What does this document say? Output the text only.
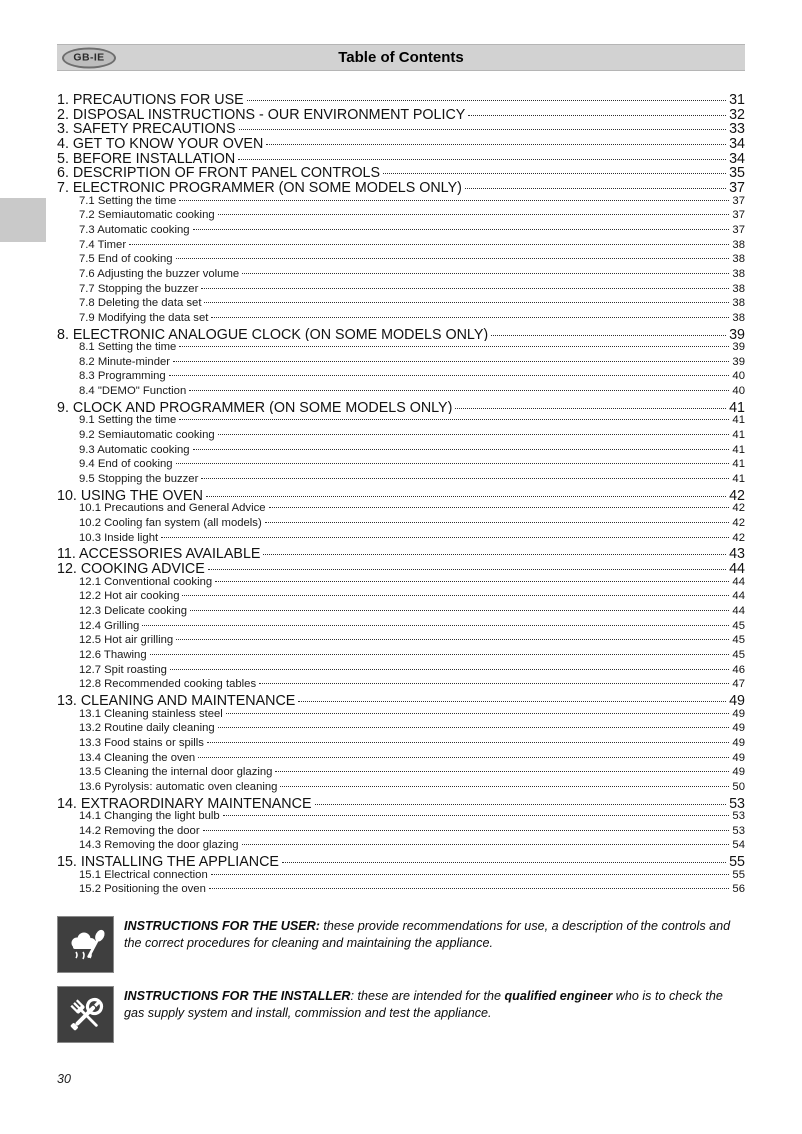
GB-IE	Table of Contents
1. PRECAUTIONS FOR USE	31
2. DISPOSAL INSTRUCTIONS - OUR ENVIRONMENT POLICY	32
3. SAFETY PRECAUTIONS	33
4. GET TO KNOW YOUR OVEN	34
5. BEFORE INSTALLATION	34
6. DESCRIPTION OF FRONT PANEL CONTROLS	35
7. ELECTRONIC PROGRAMMER (ON SOME MODELS ONLY)	37
7.1 Setting the time	37
7.2 Semiautomatic cooking	37
7.3 Automatic cooking	37
7.4 Timer	38
7.5 End of cooking	38
7.6 Adjusting the buzzer volume	38
7.7 Stopping the buzzer	38
7.8 Deleting the data set	38
7.9 Modifying the data set	38
8. ELECTRONIC ANALOGUE CLOCK (ON SOME MODELS ONLY)	39
8.1 Setting the time	39
8.2 Minute-minder	39
8.3 Programming	40
8.4 "DEMO" Function	40
9. CLOCK AND PROGRAMMER (ON SOME MODELS ONLY)	41
9.1 Setting the time	41
9.2 Semiautomatic cooking	41
9.3 Automatic cooking	41
9.4 End of cooking	41
9.5 Stopping the buzzer	41
10. USING THE OVEN	42
10.1 Precautions and General Advice	42
10.2 Cooling fan system (all models)	42
10.3 Inside light	42
11. ACCESSORIES AVAILABLE	43
12. COOKING ADVICE	44
12.1 Conventional cooking	44
12.2 Hot air cooking	44
12.3 Delicate cooking	44
12.4 Grilling	45
12.5 Hot air grilling	45
12.6 Thawing	45
12.7 Spit roasting	46
12.8 Recommended cooking tables	47
13. CLEANING AND MAINTENANCE	49
13.1 Cleaning stainless steel	49
13.2 Routine daily cleaning	49
13.3 Food stains or spills	49
13.4 Cleaning the oven	49
13.5 Cleaning the internal door glazing	49
13.6 Pyrolysis: automatic oven cleaning	50
14. EXTRAORDINARY MAINTENANCE	53
14.1 Changing the light bulb	53
14.2 Removing the door	53
14.3 Removing the door glazing	54
15. INSTALLING THE APPLIANCE	55
15.1 Electrical connection	55
15.2 Positioning the oven	56
INSTRUCTIONS FOR THE USER: these provide recommendations for use, a description of the controls and the correct procedures for cleaning and maintaining the appliance.
INSTRUCTIONS FOR THE INSTALLER: these are intended for the qualified engineer who is to check the gas supply system and install, commission and test the appliance.
30
